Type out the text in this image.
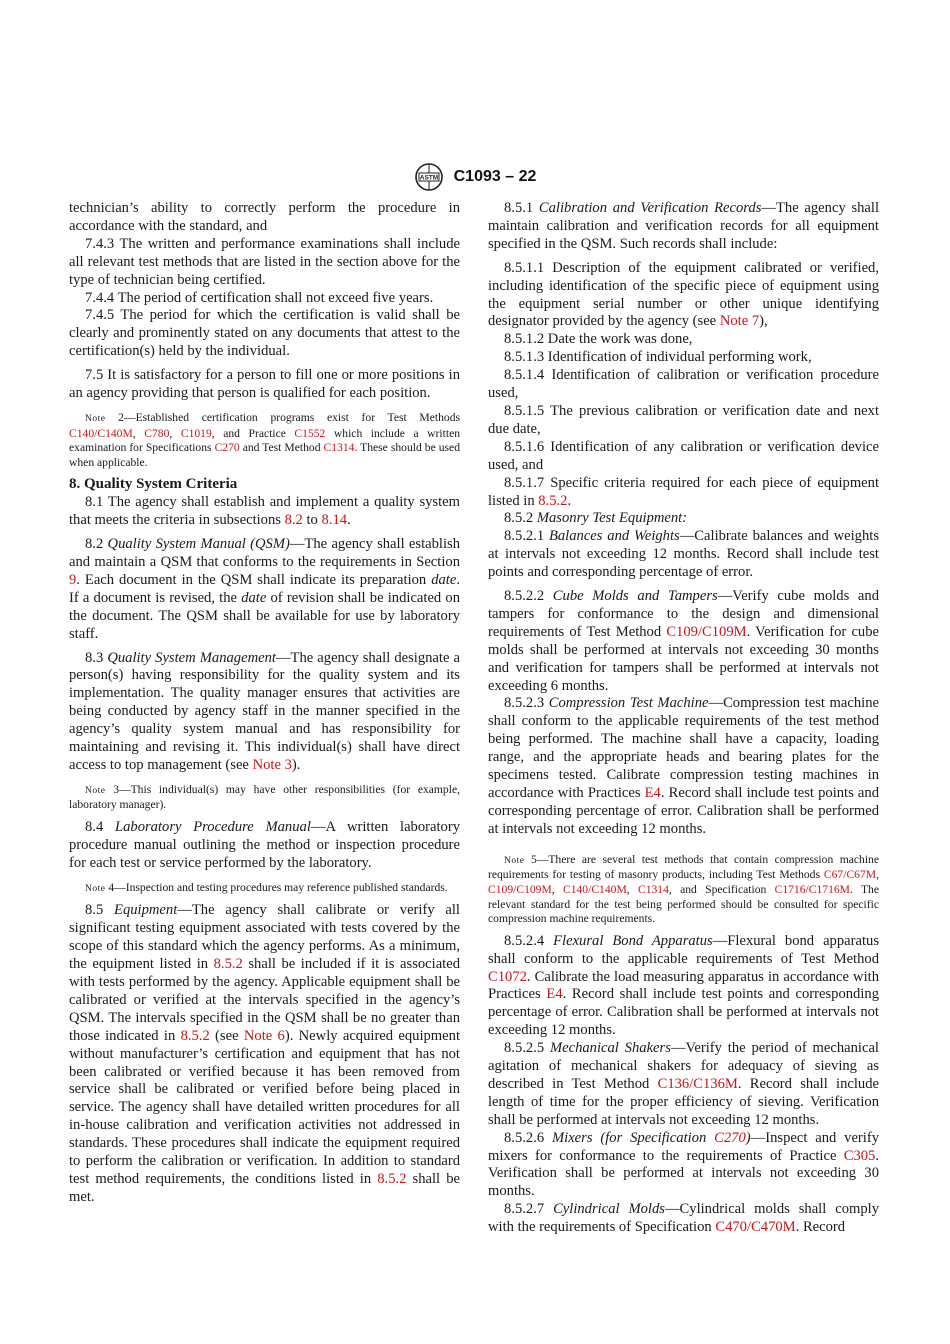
ASTM C1093 – 22

technician’s ability to correctly perform the procedure in accordance with the standard, and

7.4.3 The written and performance examinations shall include all relevant test methods that are listed in the section above for the type of technician being certified.

7.4.4 The period of certification shall not exceed five years.

7.4.5 The period for which the certification is valid shall be clearly and prominently stated on any documents that attest to the certification(s) held by the individual.

7.5 It is satisfactory for a person to fill one or more positions in an agency providing that person is qualified for each position.

Note 2—Established certification programs exist for Test Methods C140/C140M, C780, C1019, and Practice C1552 which include a written examination for Specifications C270 and Test Method C1314. These should be used when applicable.

8. Quality System Criteria

8.1 The agency shall establish and implement a quality system that meets the criteria in subsections 8.2 to 8.14.

8.2 Quality System Manual (QSM)—The agency shall establish and maintain a QSM that conforms to the requirements in Section 9. Each document in the QSM shall indicate its preparation date. If a document is revised, the date of revision shall be indicated on the document. The QSM shall be available for use by laboratory staff.

8.3 Quality System Management—The agency shall designate a person(s) having responsibility for the quality system and its implementation. The quality manager ensures that activities are being conducted by agency staff in the manner specified in the agency’s quality system manual and has responsibility for maintaining and revising it. This individual(s) shall have direct access to top management (see Note 3).

Note 3—This individual(s) may have other responsibilities (for example, laboratory manager).

8.4 Laboratory Procedure Manual—A written laboratory procedure manual outlining the method or inspection procedure for each test or service performed by the laboratory.

Note 4—Inspection and testing procedures may reference published standards.

8.5 Equipment—The agency shall calibrate or verify all significant testing equipment associated with tests covered by the scope of this standard which the agency performs. As a minimum, the equipment listed in 8.5.2 shall be included if it is associated with tests performed by the agency. Applicable equipment shall be calibrated or verified at the intervals specified in the agency’s QSM. The intervals specified in the QSM shall be no greater than those indicated in 8.5.2 (see Note 6). Newly acquired equipment without manufacturer’s certification and equipment that has not been calibrated or verified because it has been removed from service shall be calibrated or verified before being placed in service. The agency shall have detailed written procedures for all in-house calibration and verification activities not addressed in standards. These procedures shall indicate the equipment required to perform the calibration or verification. In addition to standard test method requirements, the conditions listed in 8.5.2 shall be met.

8.5.1 Calibration and Verification Records—The agency shall maintain calibration and verification records for all equipment specified in the QSM. Such records shall include:

8.5.1.1 Description of the equipment calibrated or verified, including identification of the specific piece of equipment using the equipment serial number or other unique identifying designator provided by the agency (see Note 7),

8.5.1.2 Date the work was done,

8.5.1.3 Identification of individual performing work,

8.5.1.4 Identification of calibration or verification procedure used,

8.5.1.5 The previous calibration or verification date and next due date,

8.5.1.6 Identification of any calibration or verification device used, and

8.5.1.7 Specific criteria required for each piece of equipment listed in 8.5.2.

8.5.2 Masonry Test Equipment:

8.5.2.1 Balances and Weights—Calibrate balances and weights at intervals not exceeding 12 months. Record shall include test points and corresponding percentage of error.

8.5.2.2 Cube Molds and Tampers—Verify cube molds and tampers for conformance to the design and dimensional requirements of Test Method C109/C109M. Verification for cube molds shall be performed at intervals not exceeding 30 months and verification for tampers shall be performed at intervals not exceeding 6 months.

8.5.2.3 Compression Test Machine—Compression test machine shall conform to the applicable requirements of the test method being performed. The machine shall have a capacity, loading range, and the appropriate heads and bearing plates for the specimens tested. Calibrate compression testing machines in accordance with Practices E4. Record shall include test points and corresponding percentage of error. Calibration shall be performed at intervals not exceeding 12 months.

Note 5—There are several test methods that contain compression machine requirements for testing of masonry products, including Test Methods C67/C67M, C109/C109M, C140/C140M, C1314, and Specification C1716/C1716M. The relevant standard for the test being performed should be consulted for specific compression machine requirements.

8.5.2.4 Flexural Bond Apparatus—Flexural bond apparatus shall conform to the applicable requirements of Test Method C1072. Calibrate the load measuring apparatus in accordance with Practices E4. Record shall include test points and corresponding percentage of error. Calibration shall be performed at intervals not exceeding 12 months.

8.5.2.5 Mechanical Shakers—Verify the period of mechanical agitation of mechanical shakers for adequacy of sieving as described in Test Method C136/C136M. Record shall include length of time for the proper efficiency of sieving. Verification shall be performed at intervals not exceeding 12 months.

8.5.2.6 Mixers (for Specification C270)—Inspect and verify mixers for conformance to the requirements of Practice C305. Verification shall be performed at intervals not exceeding 30 months.

8.5.2.7 Cylindrical Molds—Cylindrical molds shall comply with the requirements of Specification C470/C470M. Record
